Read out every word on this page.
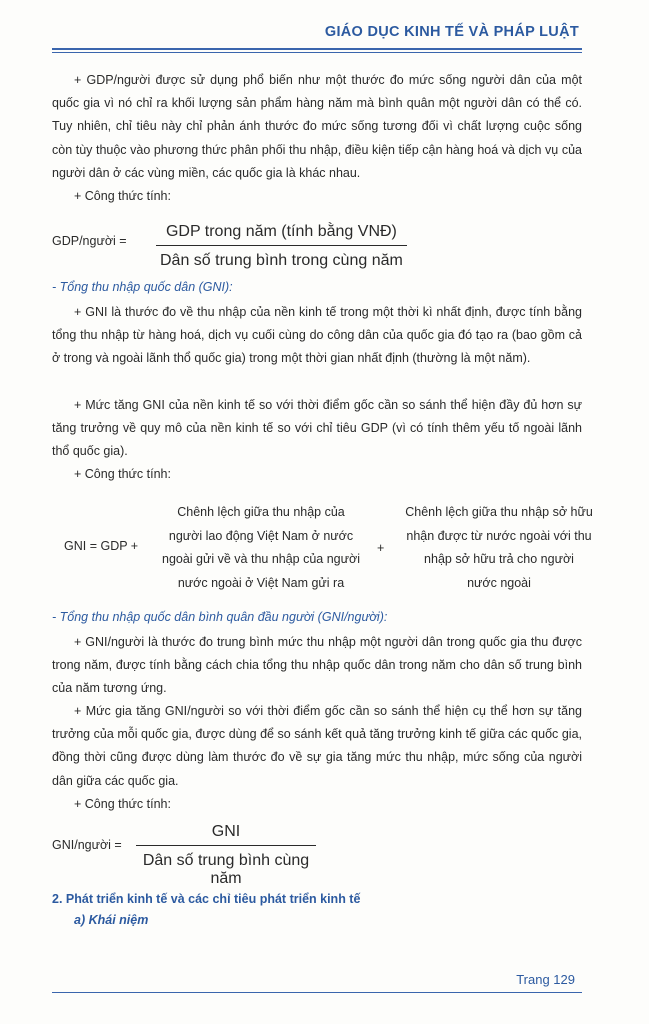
GIÁO DỤC KINH TẾ VÀ PHÁP LUẬT

+ GDP/người được sử dụng phổ biến như một thước đo mức sống người dân của một quốc gia vì nó chỉ ra khối lượng sản phẩm hàng năm mà bình quân một người dân có thể có. Tuy nhiên, chỉ tiêu này chỉ phản ánh thước đo mức sống tương đối vì chất lượng cuộc sống còn tùy thuộc vào phương thức phân phối thu nhập, điều kiện tiếp cận hàng hoá và dịch vụ của người dân ở các vùng miền, các quốc gia là khác nhau.

+ Công thức tính:

GDP/người =
GDP trong năm (tính bằng VNĐ)
Dân số trung bình trong cùng năm

- Tổng thu nhập quốc dân (GNI):

+ GNI là thước đo về thu nhập của nền kinh tế trong một thời kì nhất định, được tính bằng tổng thu nhập từ hàng hoá, dịch vụ cuối cùng do công dân của quốc gia đó tạo ra (bao gồm cả ở trong và ngoài lãnh thổ quốc gia) trong một thời gian nhất định (thường là một năm).

+ Mức tăng GNI của nền kinh tế so với thời điểm gốc cần so sánh thể hiện đầy đủ hơn sự tăng trưởng về quy mô của nền kinh tế so với chỉ tiêu GDP (vì có tính thêm yếu tố ngoài lãnh thổ quốc gia).

+ Công thức tính:

GNI = GDP +
Chênh lệch giữa thu nhập của
người lao động Việt Nam ở nước
ngoài gửi về và thu nhập của người
nước ngoài ở Việt Nam gửi ra
+
Chênh lệch giữa thu nhập sở hữu
nhận được từ nước ngoài với thu
nhập sở hữu trả cho người
nước ngoài

- Tổng thu nhập quốc dân bình quân đầu người (GNI/người):

+ GNI/người là thước đo trung bình mức thu nhập một người dân trong quốc gia thu được trong năm, được tính bằng cách chia tổng thu nhập quốc dân trong năm cho dân số trung bình của năm tương ứng.

+ Mức gia tăng GNI/người so với thời điểm gốc cần so sánh thể hiện cụ thể hơn sự tăng trưởng của mỗi quốc gia, được dùng để so sánh kết quả tăng trưởng kinh tế giữa các quốc gia, đồng thời cũng được dùng làm thước đo về sự gia tăng mức thu nhập, mức sống của người dân giữa các quốc gia.

+ Công thức tính:

GNI/người =
GNI
Dân số trung bình cùng năm
2. Phát triển kinh tế và các chỉ tiêu phát triển kinh tế
a) Khái niệm
Trang 129
